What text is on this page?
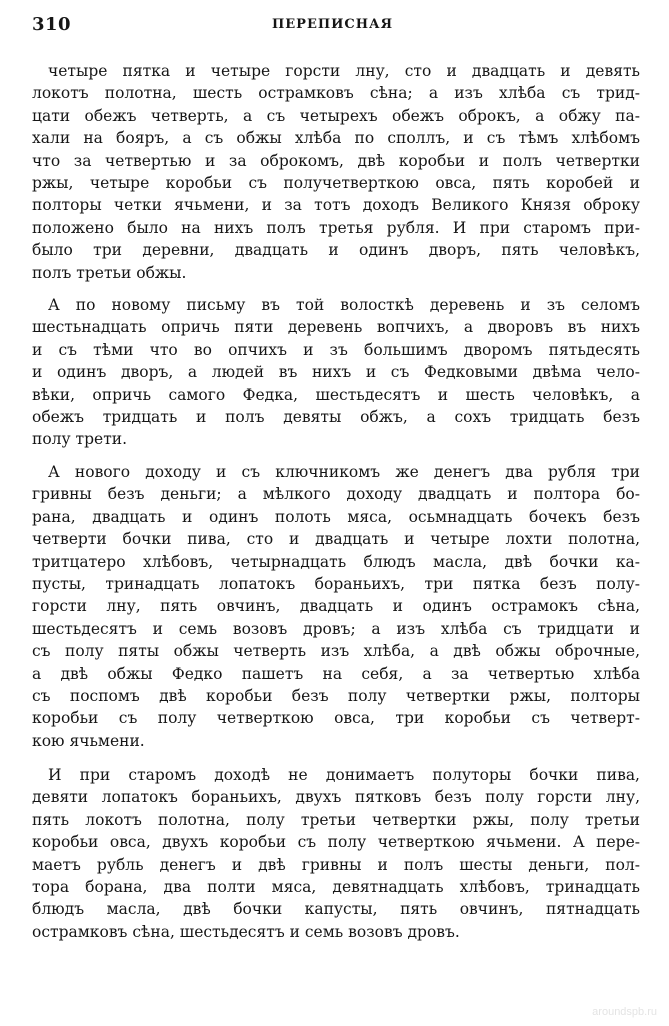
310	ПЕРЕПИСНАЯ
четыре пятка и четыре горсти лну, сто и двадцать и девять
локотъ полотна, шесть острамковъ сѣна; а изъ хлѣба съ трид-
цати обежъ четверть, а съ четырехъ обежъ оброкъ, а обжу па-
хали на бояръ, а съ обжы хлѣба по споллъ, и съ тѣмъ хлѣбомъ
что за четвертью и за оброкомъ, двѣ коробьи и полъ четвертки
ржы, четыре коробьи съ получетверткою овса, пять коробей и
полторы четки ячьмени, и за тотъ доходъ Великого Князя оброку
положено было на нихъ полъ третья рубля. И при старомъ при-
было три деревни, двадцать и одинъ дворъ, пять человѣкъ,
полъ третьи обжы.
А по новому письму въ той волосткѣ деревень и зъ селомъ
шестьнадцать опричь пяти деревень вопчихъ, а дворовъ въ нихъ
и съ тѣми что во опчихъ и зъ большимъ дворомъ пятьдесять
и одинъ дворъ, а людей въ нихъ и съ Федковыми двѣма чело-
вѣки, опричь самого Федка, шестьдесятъ и шесть человѣкъ, а
обежъ тридцать и полъ девяты обжъ, а сохъ тридцать безъ
полу трети.
А нового доходу и съ ключникомъ же денегъ два рубля три
гривны безъ деньги; а мѣлкого доходу двадцать и полтора бо-
рана, двадцать и одинъ полоть мяса, осьмнадцать бочекъ безъ
четверти бочки пива, сто и двадцать и четыре лохти полотна,
тритцатеро хлѣбовъ, четырнадцать блюдъ масла, двѣ бочки ка-
пусты, тринадцать лопатокъ бораньихъ, три пятка безъ полу-
горсти лну, пять овчинъ, двадцать и одинъ острамокъ сѣна,
шестьдесятъ и семь возовъ дровъ; а изъ хлѣба съ тридцати и
съ полу пяты обжы четверть изъ хлѣба, а двѣ обжы оброчные,
а двѣ обжы Федко пашетъ на себя, а за четвертью хлѣба
съ поспомъ двѣ коробьи безъ полу четвертки ржы, полторы
коробьи съ полу четверткою овса, три коробьи съ четверт-
кою ячьмени.
И при старомъ доходѣ не донимаетъ полуторы бочки пива,
девяти лопатокъ бораньихъ, двухъ пятковъ безъ полу горсти лну,
пять локотъ полотна, полу третьи четвертки ржы, полу третьи
коробьи овса, двухъ коробьи съ полу четверткою ячьмени. А пере-
маетъ рубль денегъ и двѣ гривны и полъ шесты деньги, пол-
тора борана, два полти мяса, девятнадцать хлѣбовъ, тринадцать
блюдъ масла, двѣ бочки капусты, пять овчинъ, пятнадцать
острамковъ сѣна, шестьдесятъ и семь возовъ дровъ.
aroundspb.ru
